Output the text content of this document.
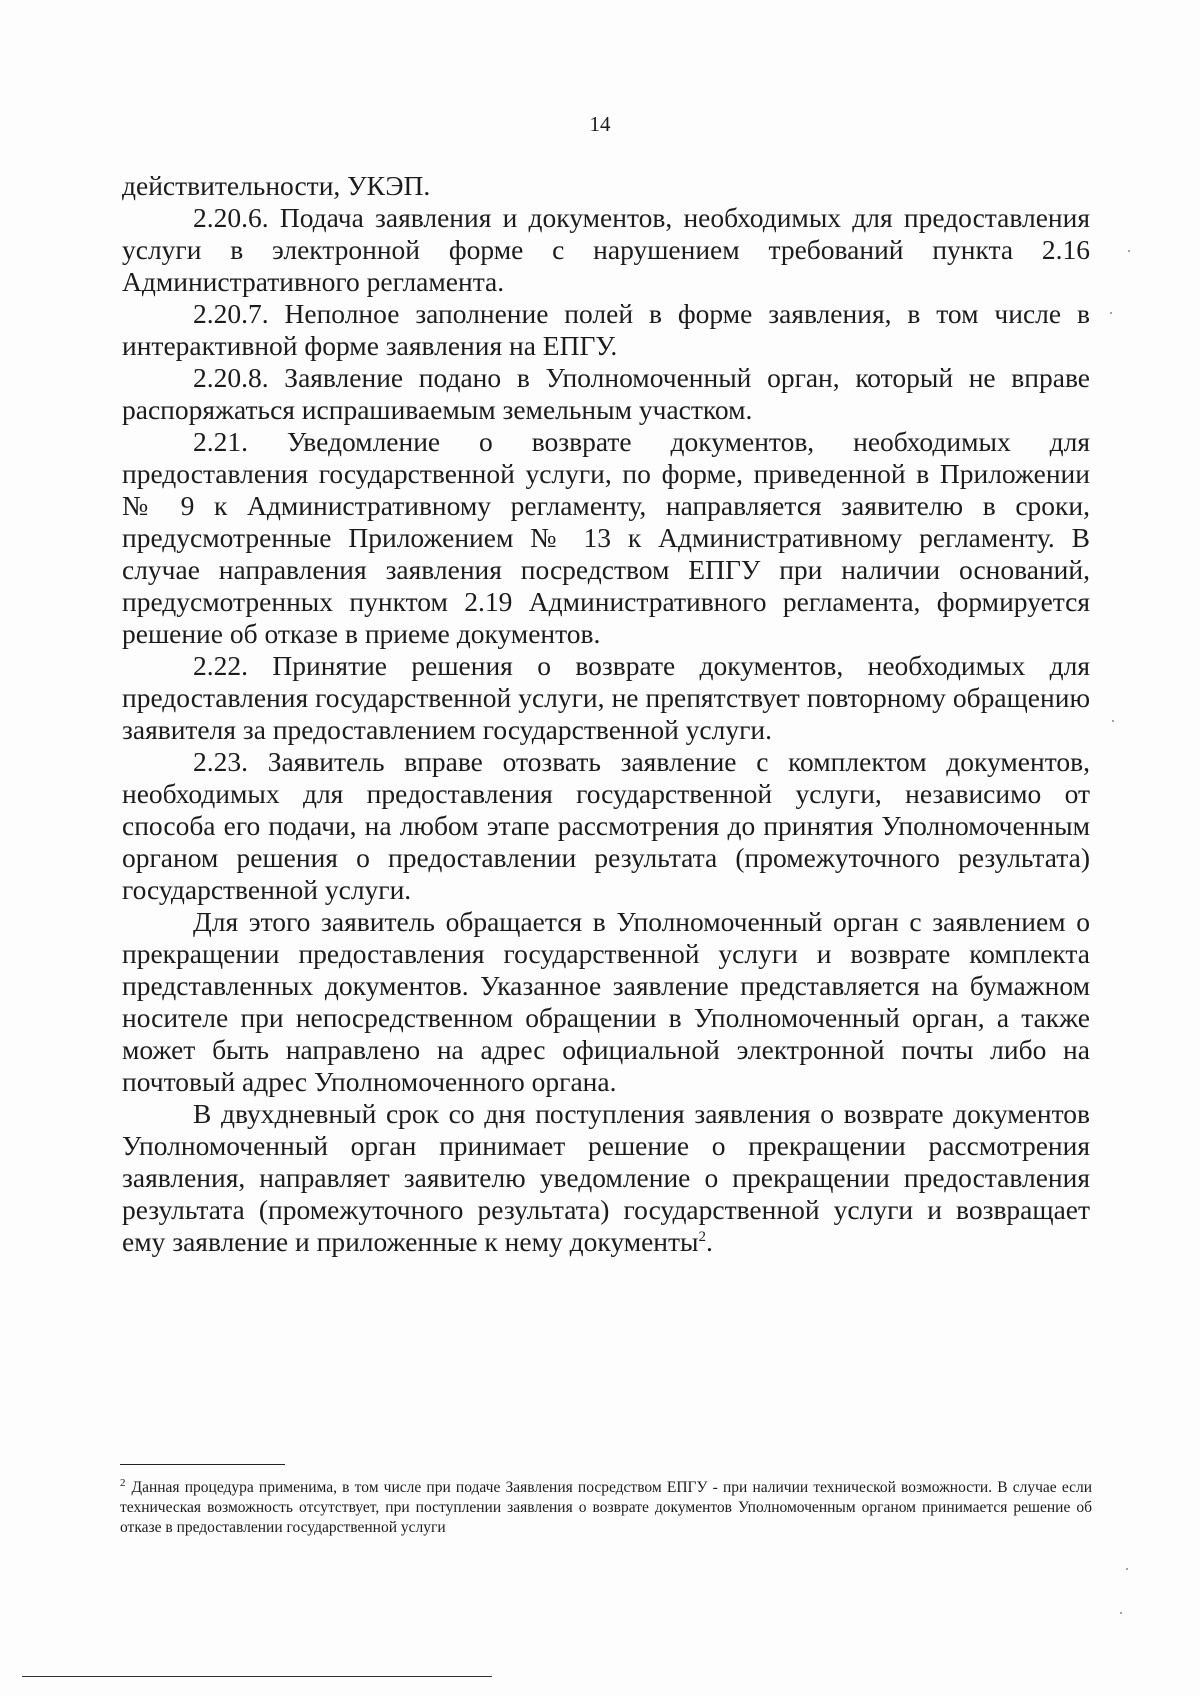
14

действительности, УКЭП.

2.20.6. Подача заявления и документов, необходимых для предоставления услуги в электронной форме с нарушением требований пункта 2.16 Административного регламента.

2.20.7. Неполное заполнение полей в форме заявления, в том числе в интерактивной форме заявления на ЕПГУ.

2.20.8. Заявление подано в Уполномоченный орган, который не вправе распоряжаться испрашиваемым земельным участком.

2.21. Уведомление о возврате документов, необходимых для предоставления государственной услуги, по форме, приведенной в Приложении № 9 к Административному регламенту, направляется заявителю в сроки, предусмотренные Приложением № 13 к Административному регламенту. В случае направления заявления посредством ЕПГУ при наличии оснований, предусмотренных пунктом 2.19 Административного регламента, формируется решение об отказе в приеме документов.

2.22. Принятие решения о возврате документов, необходимых для предоставления государственной услуги, не препятствует повторному обращению заявителя за предоставлением государственной услуги.

2.23. Заявитель вправе отозвать заявление с комплектом документов, необходимых для предоставления государственной услуги, независимо от способа его подачи, на любом этапе рассмотрения до принятия Уполномоченным органом решения о предоставлении результата (промежуточного результата) государственной услуги.

Для этого заявитель обращается в Уполномоченный орган с заявлением о прекращении предоставления государственной услуги и возврате комплекта представленных документов. Указанное заявление представляется на бумажном носителе при непосредственном обращении в Уполномоченный орган, а также может быть направлено на адрес официальной электронной почты либо на почтовый адрес Уполномоченного органа.

В двухдневный срок со дня поступления заявления о возврате документов Уполномоченный орган принимает решение о прекращении рассмотрения заявления, направляет заявителю уведомление о прекращении предоставления результата (промежуточного результата) государственной услуги и возвращает ему заявление и приложенные к нему документы$^2$.

$^2$ Данная процедура применима, в том числе при подаче Заявления посредством ЕПГУ - при наличии технической возможности. В случае если техническая возможность отсутствует, при поступлении заявления о возврате документов Уполномоченным органом принимается решение об отказе в предоставлении государственной услуги
